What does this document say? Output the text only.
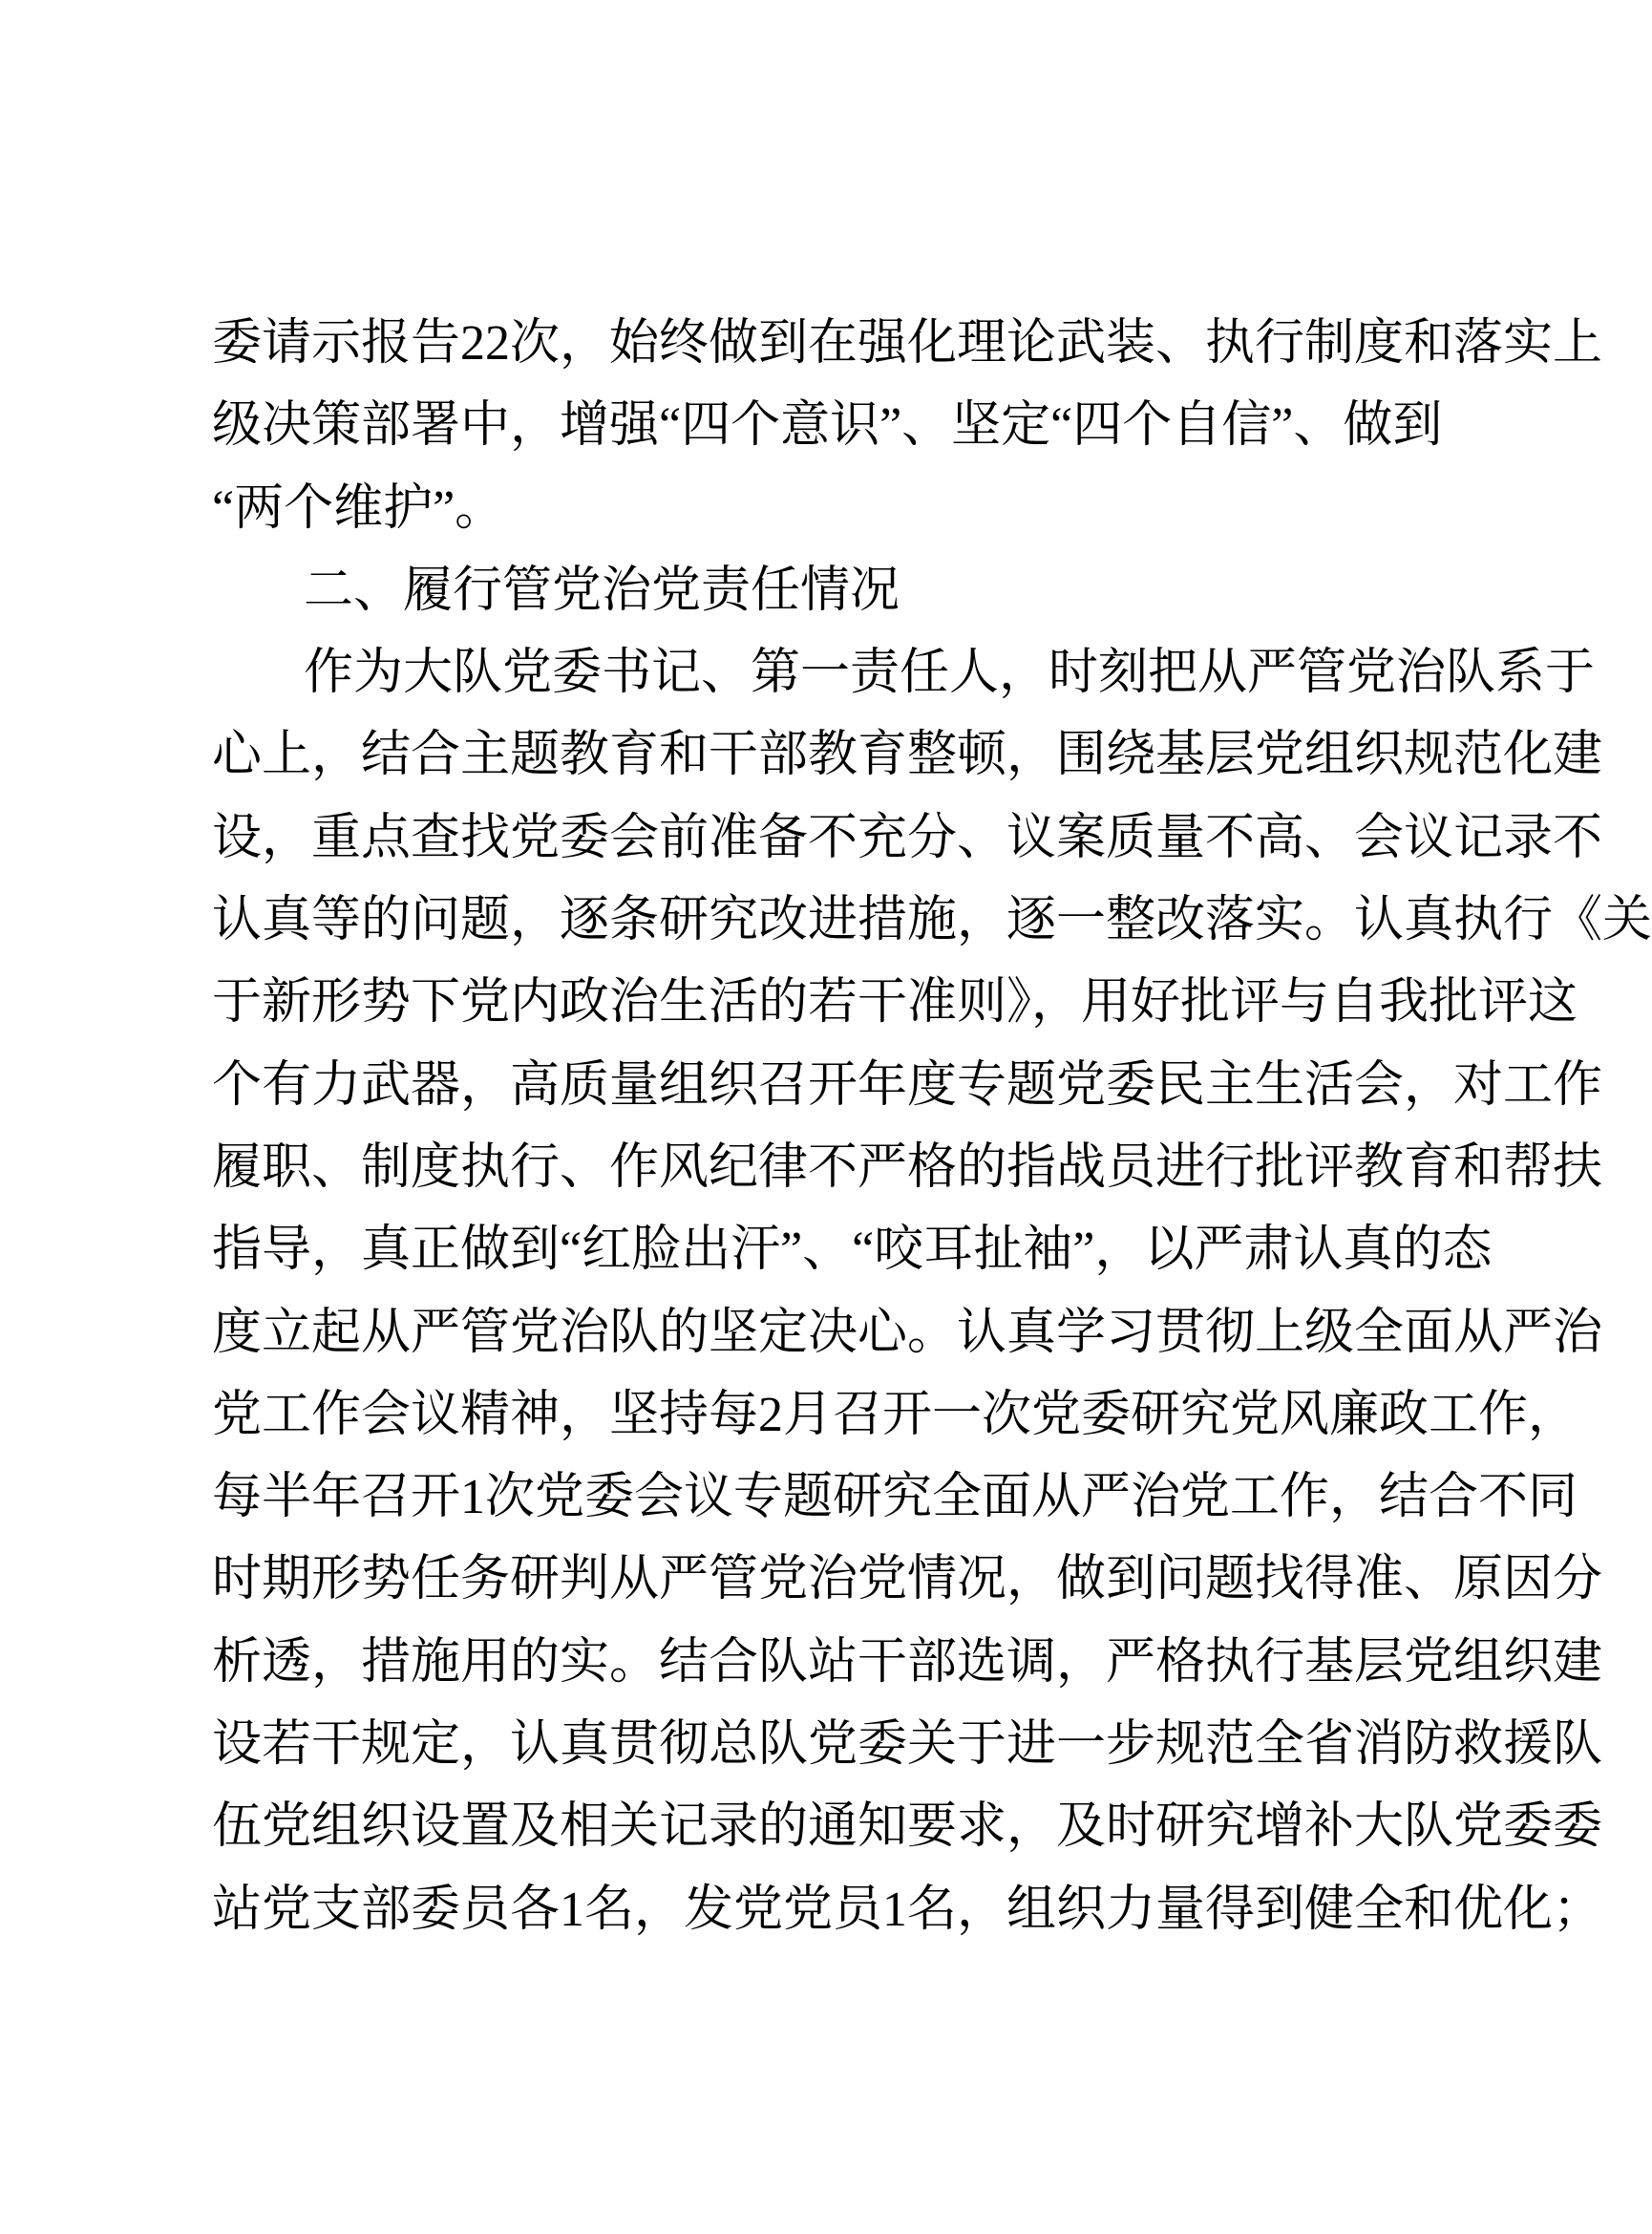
委请示报告22次，始终做到在强化理论武装、执行制度和落实上
级决策部署中，增强“四个意识”、坚定“四个自信”、做到
“两个维护”。
二、履行管党治党责任情况
作为大队党委书记、第一责任人，时刻把从严管党治队系于
心上，结合主题教育和干部教育整顿，围绕基层党组织规范化建
设，重点查找党委会前准备不充分、议案质量不高、会议记录不
认真等的问题，逐条研究改进措施，逐一整改落实。认真执行《关
于新形势下党内政治生活的若干准则》，用好批评与自我批评这
个有力武器，高质量组织召开年度专题党委民主生活会，对工作
履职、制度执行、作风纪律不严格的指战员进行批评教育和帮扶
指导，真正做到“红脸出汗”、“咬耳扯袖”，以严肃认真的态
度立起从严管党治队的坚定决心。认真学习贯彻上级全面从严治
党工作会议精神，坚持每2月召开一次党委研究党风廉政工作，
每半年召开1次党委会议专题研究全面从严治党工作，结合不同
时期形势任务研判从严管党治党情况，做到问题找得准、原因分
析透，措施用的实。结合队站干部选调，严格执行基层党组织建
设若干规定，认真贯彻总队党委关于进一步规范全省消防救援队
伍党组织设置及相关记录的通知要求，及时研究增补大队党委委
站党支部委员各1名，发党党员1名，组织力量得到健全和优化；
